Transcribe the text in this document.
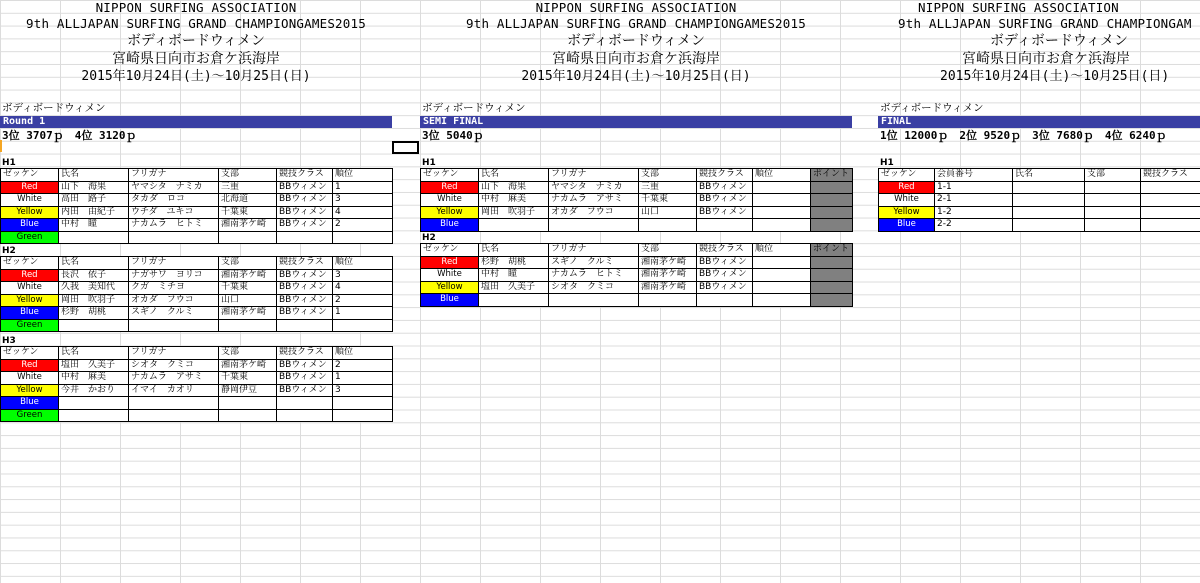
NIPPON SURFING ASSOCIATION
9th ALLJAPAN SURFING GRAND CHAMPIONGAMES2015
ボディボードウィメン
宮崎県日向市お倉ケ浜海岸
2015年10月24日(土)～10月25日(日)
ボディボードウィメン
Round 1
3位 3707ｐ　4位 3120ｐ
H1
ゼッケン	氏名	フリガナ	支部	競技クラス	順位
Red	山下　海果	ヤマシタ　ナミカ	三重	BBウィメン	1
White	高田　路子	タカダ　ロコ	北海道	BBウィメン	3
Yellow	内田　由紀子	ウチダ　ユキコ	千葉東	BBウィメン	4
Blue	中村　瞳	ナカムラ　ヒトミ	湘南茅ケ崎	BBウィメン	2
Green					
H2
ゼッケン	氏名	フリガナ	支部	競技クラス	順位
Red	長沢　依子	ナガサワ　ヨリコ	湘南茅ケ崎	BBウィメン	3
White	久我　美知代	クガ　ミチヨ	千葉東	BBウィメン	4
Yellow	岡田　吹羽子	オカダ　フウコ	山口	BBウィメン	2
Blue	杉野　胡桃	スギノ　クルミ	湘南茅ケ崎	BBウィメン	1
Green					
H3
ゼッケン	氏名	フリガナ	支部	競技クラス	順位
Red	塩田　久美子	シオタ　クミコ	湘南茅ケ崎	BBウィメン	2
White	中村　麻美	ナカムラ　アサミ	千葉東	BBウィメン	1
Yellow	今井　かおり	イマイ　カオリ	静岡伊豆	BBウィメン	3
Blue					
Green					
NIPPON SURFING ASSOCIATION
9th ALLJAPAN SURFING GRAND CHAMPIONGAMES2015
ボディボードウィメン
宮崎県日向市お倉ケ浜海岸
2015年10月24日(土)～10月25日(日)
ボディボードウィメン
SEMI FINAL
3位 5040ｐ
H1
ゼッケン	氏名	フリガナ	支部	競技クラス	順位	ポイント
Red	山下　海果	ヤマシタ　ナミカ	三重	BBウィメン		
White	中村　麻美	ナカムラ　アサミ	千葉東	BBウィメン		
Yellow	岡田　吹羽子	オカダ　フウコ	山口	BBウィメン		
Blue						
H2
ゼッケン	氏名	フリガナ	支部	競技クラス	順位	ポイント
Red	杉野　胡桃	スギノ　クルミ	湘南茅ケ崎	BBウィメン		
White	中村　瞳	ナカムラ　ヒトミ	湘南茅ケ崎	BBウィメン		
Yellow	塩田　久美子	シオタ　クミコ	湘南茅ケ崎	BBウィメン		
Blue						
NIPPON SURFING ASSOCIATION
9th ALLJAPAN SURFING GRAND CHAMPIONGAM
ボディボードウィメン
宮崎県日向市お倉ケ浜海岸
2015年10月24日(土)～10月25日(日)
ボディボードウィメン
FINAL
1位 12000ｐ　2位 9520ｐ　3位 7680ｐ　4位 6240ｐ
H1
ゼッケン	会員番号	氏名	支部	競技クラス
Red	1-1			
White	2-1			
Yellow	1-2			
Blue	2-2			
